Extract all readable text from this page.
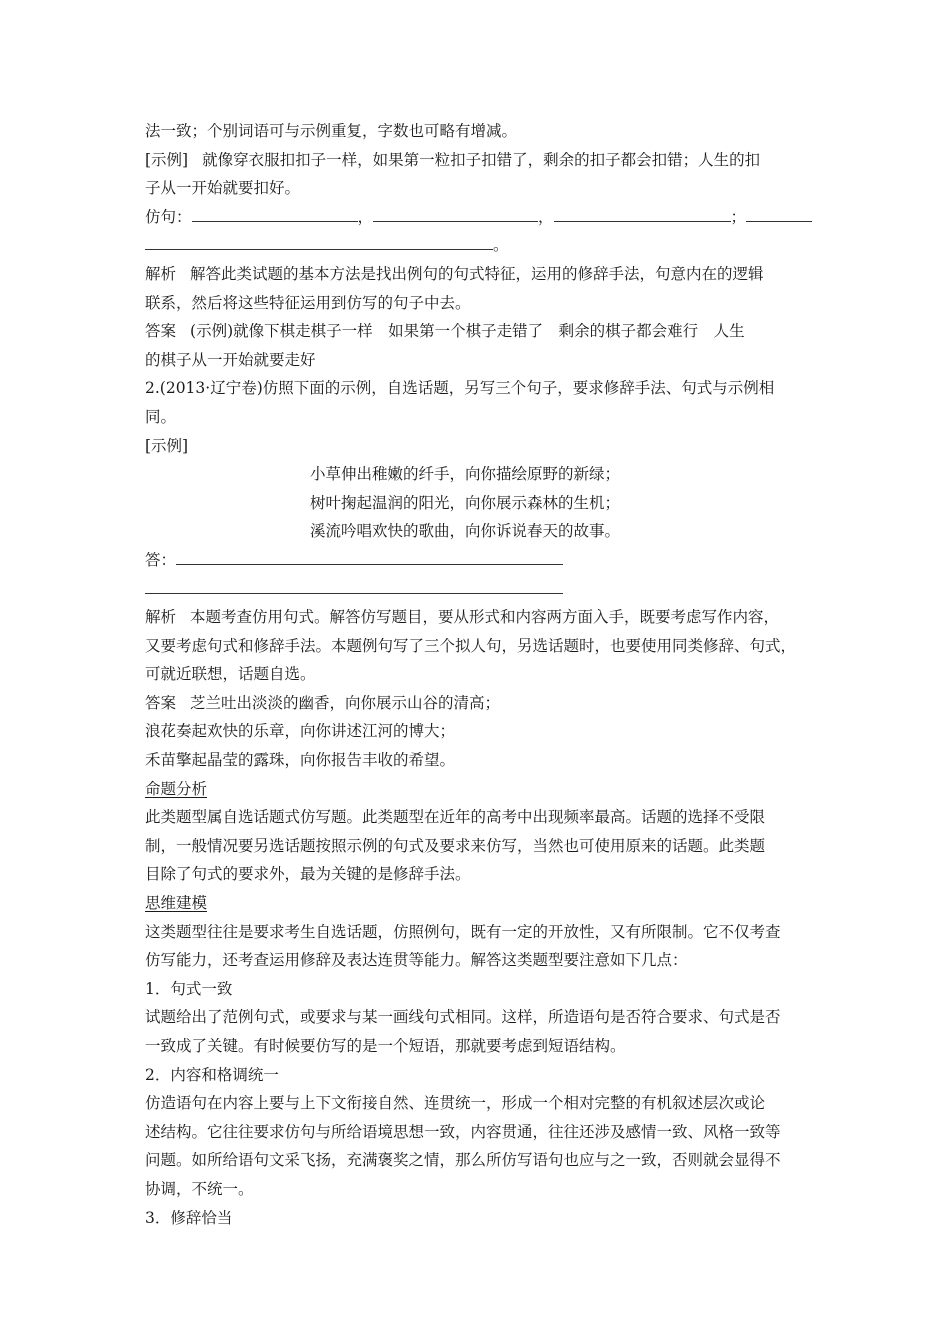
法一致；个别词语可与示例重复，字数也可略有增减。
[示例] 就像穿衣服扣扣子一样，如果第一粒扣子扣错了，剩余的扣子都会扣错；人生的扣
子从一开始就要扣好。
仿句：	，	，	；
。
解析 解答此类试题的基本方法是找出例句的句式特征，运用的修辞手法，句意内在的逻辑
联系，然后将这些特征运用到仿写的句子中去。
答案 (示例)就像下棋走棋子一样　如果第一个棋子走错了　剩余的棋子都会难行　人生
的棋子从一开始就要走好
2.(2013·辽宁卷)仿照下面的示例，自选话题，另写三个句子，要求修辞手法、句式与示例相
同。
[示例]
小草伸出稚嫩的纤手，向你描绘原野的新绿；
树叶掬起温润的阳光，向你展示森林的生机；
溪流吟唱欢快的歌曲，向你诉说春天的故事。
答：
解析 本题考查仿用句式。解答仿写题目，要从形式和内容两方面入手，既要考虑写作内容，
又要考虑句式和修辞手法。本题例句写了三个拟人句，另选话题时，也要使用同类修辞、句式，
可就近联想，话题自选。
答案 芝兰吐出淡淡的幽香，向你展示山谷的清高；
浪花奏起欢快的乐章，向你讲述江河的博大；
禾苗擎起晶莹的露珠，向你报告丰收的希望。
命题分析
此类题型属自选话题式仿写题。此类题型在近年的高考中出现频率最高。话题的选择不受限
制，一般情况要另选话题按照示例的句式及要求来仿写，当然也可使用原来的话题。此类题
目除了句式的要求外，最为关键的是修辞手法。
思维建模
这类题型往往是要求考生自选话题，仿照例句，既有一定的开放性，又有所限制。它不仅考查
仿写能力，还考查运用修辞及表达连贯等能力。解答这类题型要注意如下几点：
1．句式一致
试题给出了范例句式，或要求与某一画线句式相同。这样，所造语句是否符合要求、句式是否
一致成了关键。有时候要仿写的是一个短语，那就要考虑到短语结构。
2．内容和格调统一
仿造语句在内容上要与上下文衔接自然、连贯统一，形成一个相对完整的有机叙述层次或论
述结构。它往往要求仿句与所给语境思想一致，内容贯通，往往还涉及感情一致、风格一致等
问题。如所给语句文采飞扬，充满褒奖之情，那么所仿写语句也应与之一致，否则就会显得不
协调，不统一。
3．修辞恰当
